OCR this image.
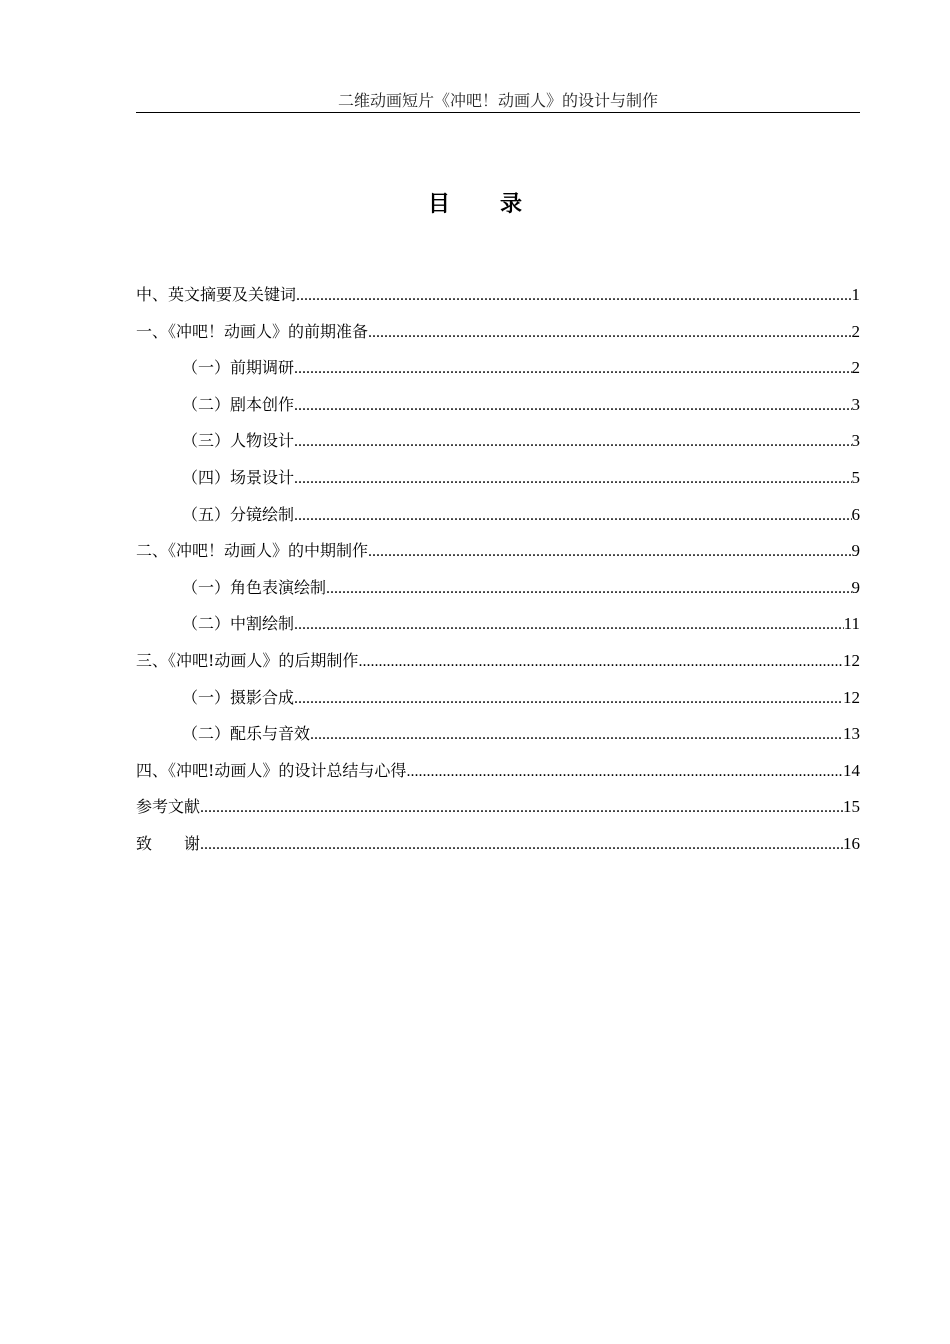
二维动画短片《冲吧！动画人》的设计与制作
目 录
中、英文摘要及关键词 .....	1
一、《冲吧！动画人》的前期准备 .....	2
（一）前期调研 .....	2
（二）剧本创作 .....	3
（三）人物设计 .....	3
（四）场景设计 .....	5
（五）分镜绘制 .....	6
二、《冲吧！动画人》的中期制作 .....	9
（一）角色表演绘制 .....	9
（二）中割绘制 .....	11
三、《冲吧!动画人》的后期制作 .....	12
（一）摄影合成 .....	12
（二）配乐与音效 .....	13
四、《冲吧!动画人》的设计总结与心得 .....	14
参考文献 .....	15
致　　谢 .....	16
